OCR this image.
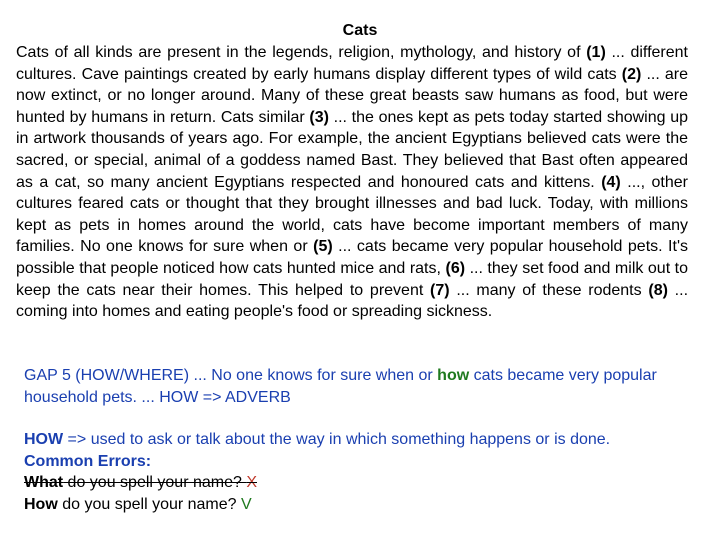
Cats
Cats of all kinds are present in the legends, religion, mythology, and history of (1) ... different cultures. Cave paintings created by early humans display different types of wild cats (2) ... are now extinct, or no longer around. Many of these great beasts saw humans as food, but were hunted by humans in return. Cats similar (3) ... the ones kept as pets today started showing up in artwork thousands of years ago. For example, the ancient Egyptians believed cats were the sacred, or special, animal of a goddess named Bast. They believed that Bast often appeared as a cat, so many ancient Egyptians respected and honoured cats and kittens. (4) ..., other cultures feared cats or thought that they brought illnesses and bad luck. Today, with millions kept as pets in homes around the world, cats have become important members of many families. No one knows for sure when or (5) ... cats became very popular household pets. It's possible that people noticed how cats hunted mice and rats, (6) ... they set food and milk out to keep the cats near their homes. This helped to prevent (7) ... many of these rodents (8) ... coming into homes and eating people's food or spreading sickness.
GAP 5 (HOW/WHERE) ... No one knows for sure when or how cats became very popular household pets. ... HOW => ADVERB
HOW => used to ask or talk about the way in which something happens or is done.
Common Errors:
What do you spell your name? X
How do you spell your name? V
